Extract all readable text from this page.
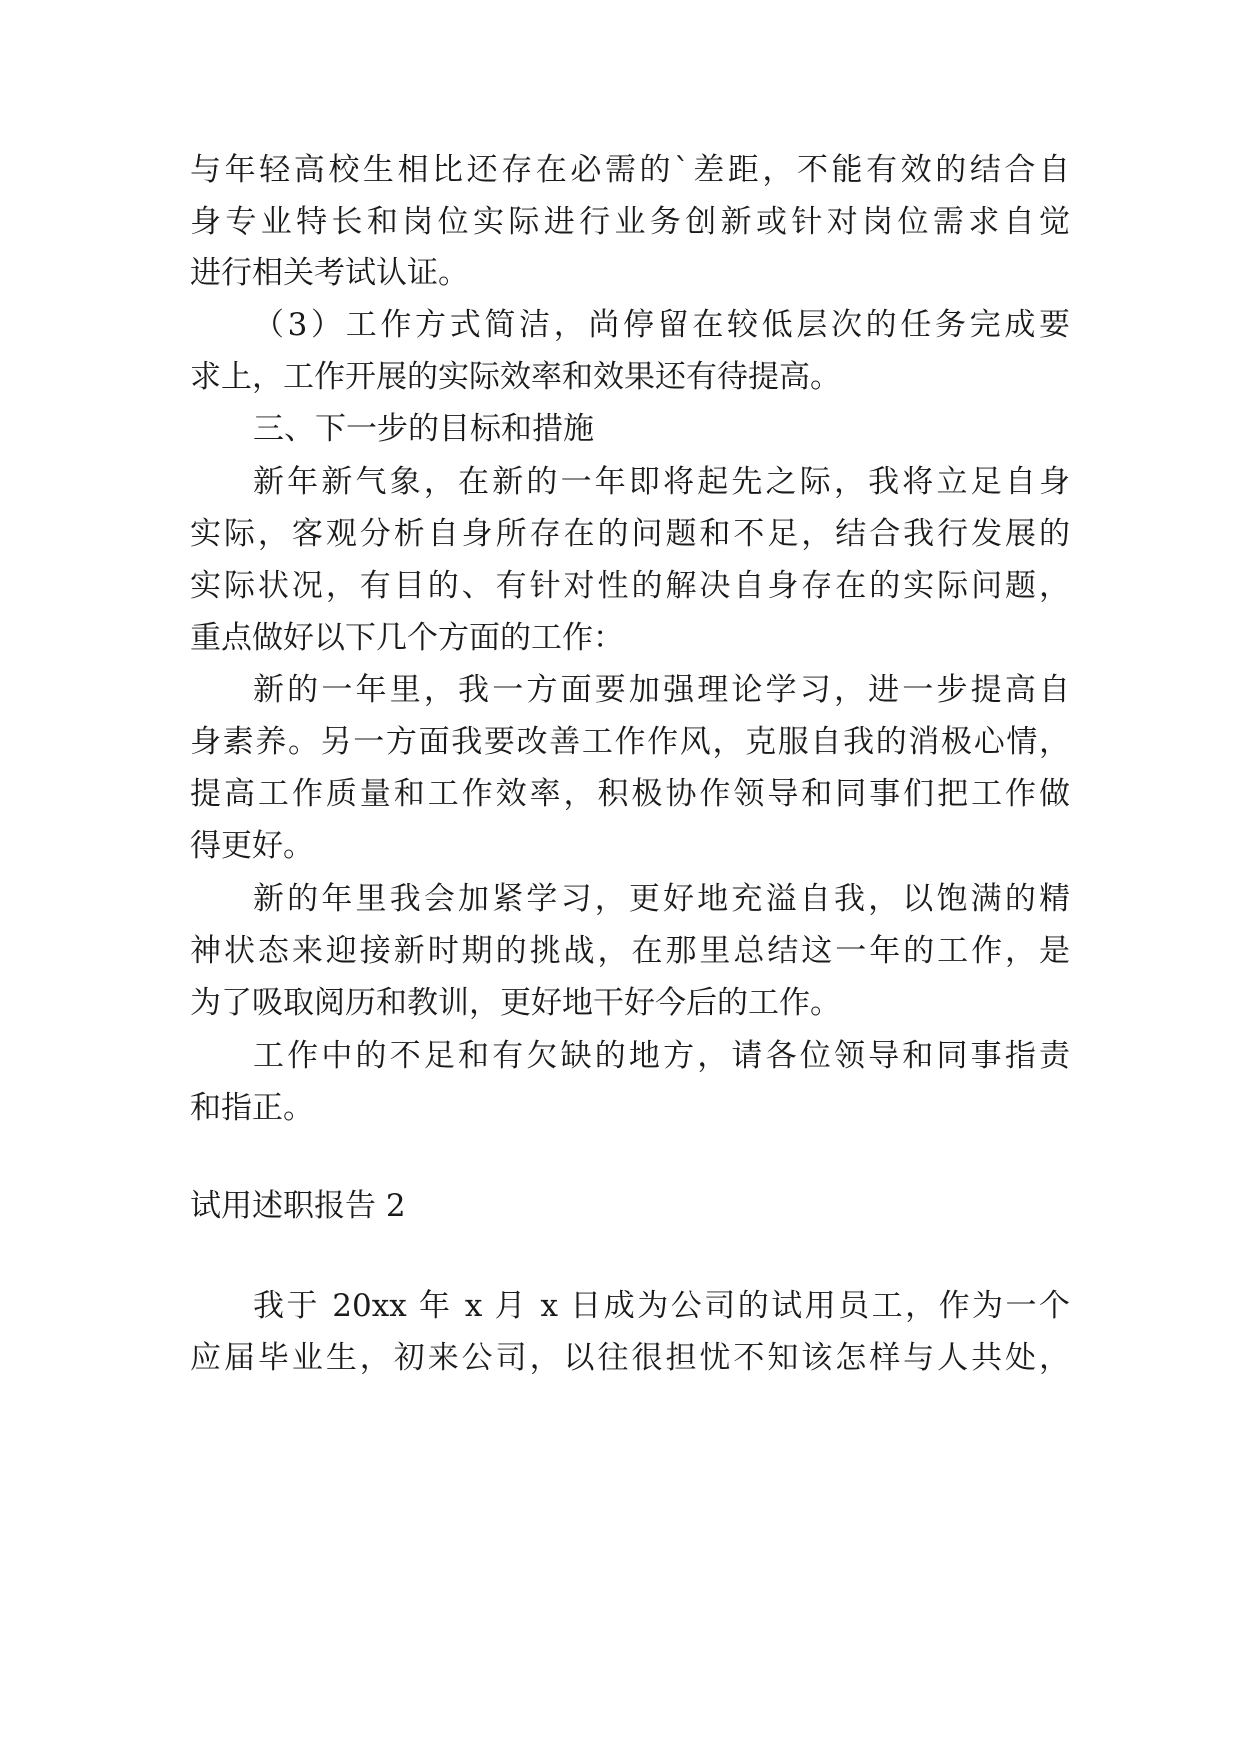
与年轻高校生相比还存在必需的`差距，不能有效的结合自
身专业特长和岗位实际进行业务创新或针对岗位需求自觉
进行相关考试认证。
（3）工作方式简洁，尚停留在较低层次的任务完成要
求上，工作开展的实际效率和效果还有待提高。
三、下一步的目标和措施
新年新气象，在新的一年即将起先之际，我将立足自身
实际，客观分析自身所存在的问题和不足，结合我行发展的
实际状况，有目的、有针对性的解决自身存在的实际问题，
重点做好以下几个方面的工作：
新的一年里，我一方面要加强理论学习，进一步提高自
身素养。另一方面我要改善工作作风，克服自我的消极心情，
提高工作质量和工作效率，积极协作领导和同事们把工作做
得更好。
新的年里我会加紧学习，更好地充溢自我，以饱满的精
神状态来迎接新时期的挑战，在那里总结这一年的工作，是
为了吸取阅历和教训，更好地干好今后的工作。
工作中的不足和有欠缺的地方，请各位领导和同事指责
和指正。
试用述职报告 2
我于 20xx 年 x 月 x 日成为公司的试用员工，作为一个
应届毕业生，初来公司，以往很担忧不知该怎样与人共处，
